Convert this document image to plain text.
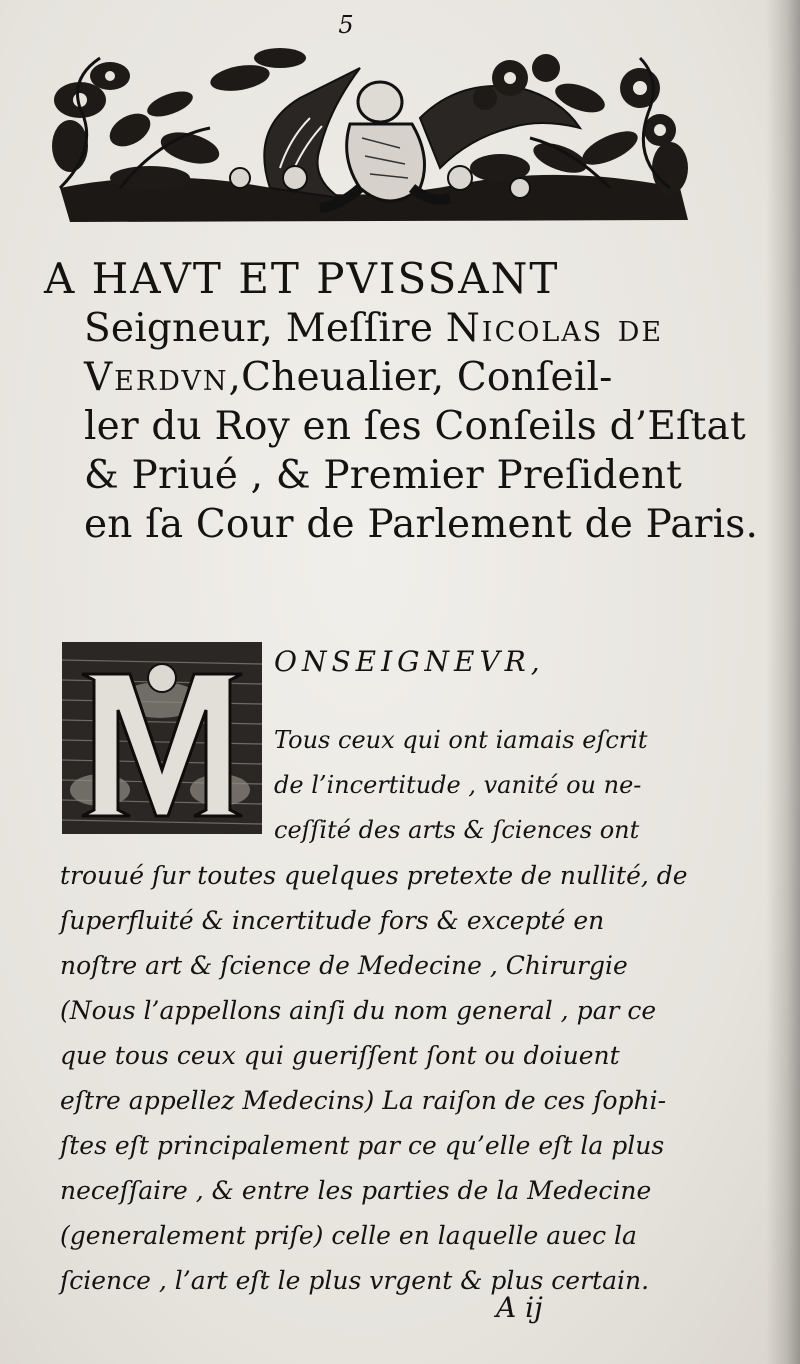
5
A HAVT ET PVISSANT
Seigneur, Meſſire Nicolas de
Verdvn,Cheualier, Conſeil-
ler du Roy en ſes Conſeils d’Eſtat
& Priué , & Premier Preſident
en ſa Cour de Parlement de Paris.
ONSEIGNEVR,
Tous ceux qui ont iamais eſcrit
de l’incertitude , vanité ou ne-
ceſſité des arts & ſciences ont
trouué ſur toutes quelques pretexte de nullité, de
ſuperfluité & incertitude fors & excepté en
noſtre art & ſcience de Medecine , Chirurgie
(Nous l’appellons ainſi du nom general , par ce
que tous ceux qui gueriſſent ſont ou doiuent
eſtre appellez Medecins) La raiſon de ces ſophi-
ſtes eſt principalement par ce qu’elle eſt la plus
neceſſaire , & entre les parties de la Medecine
(generalement priſe) celle en laquelle auec la
ſcience , l’art eſt le plus vrgent & plus certain.
A ij
